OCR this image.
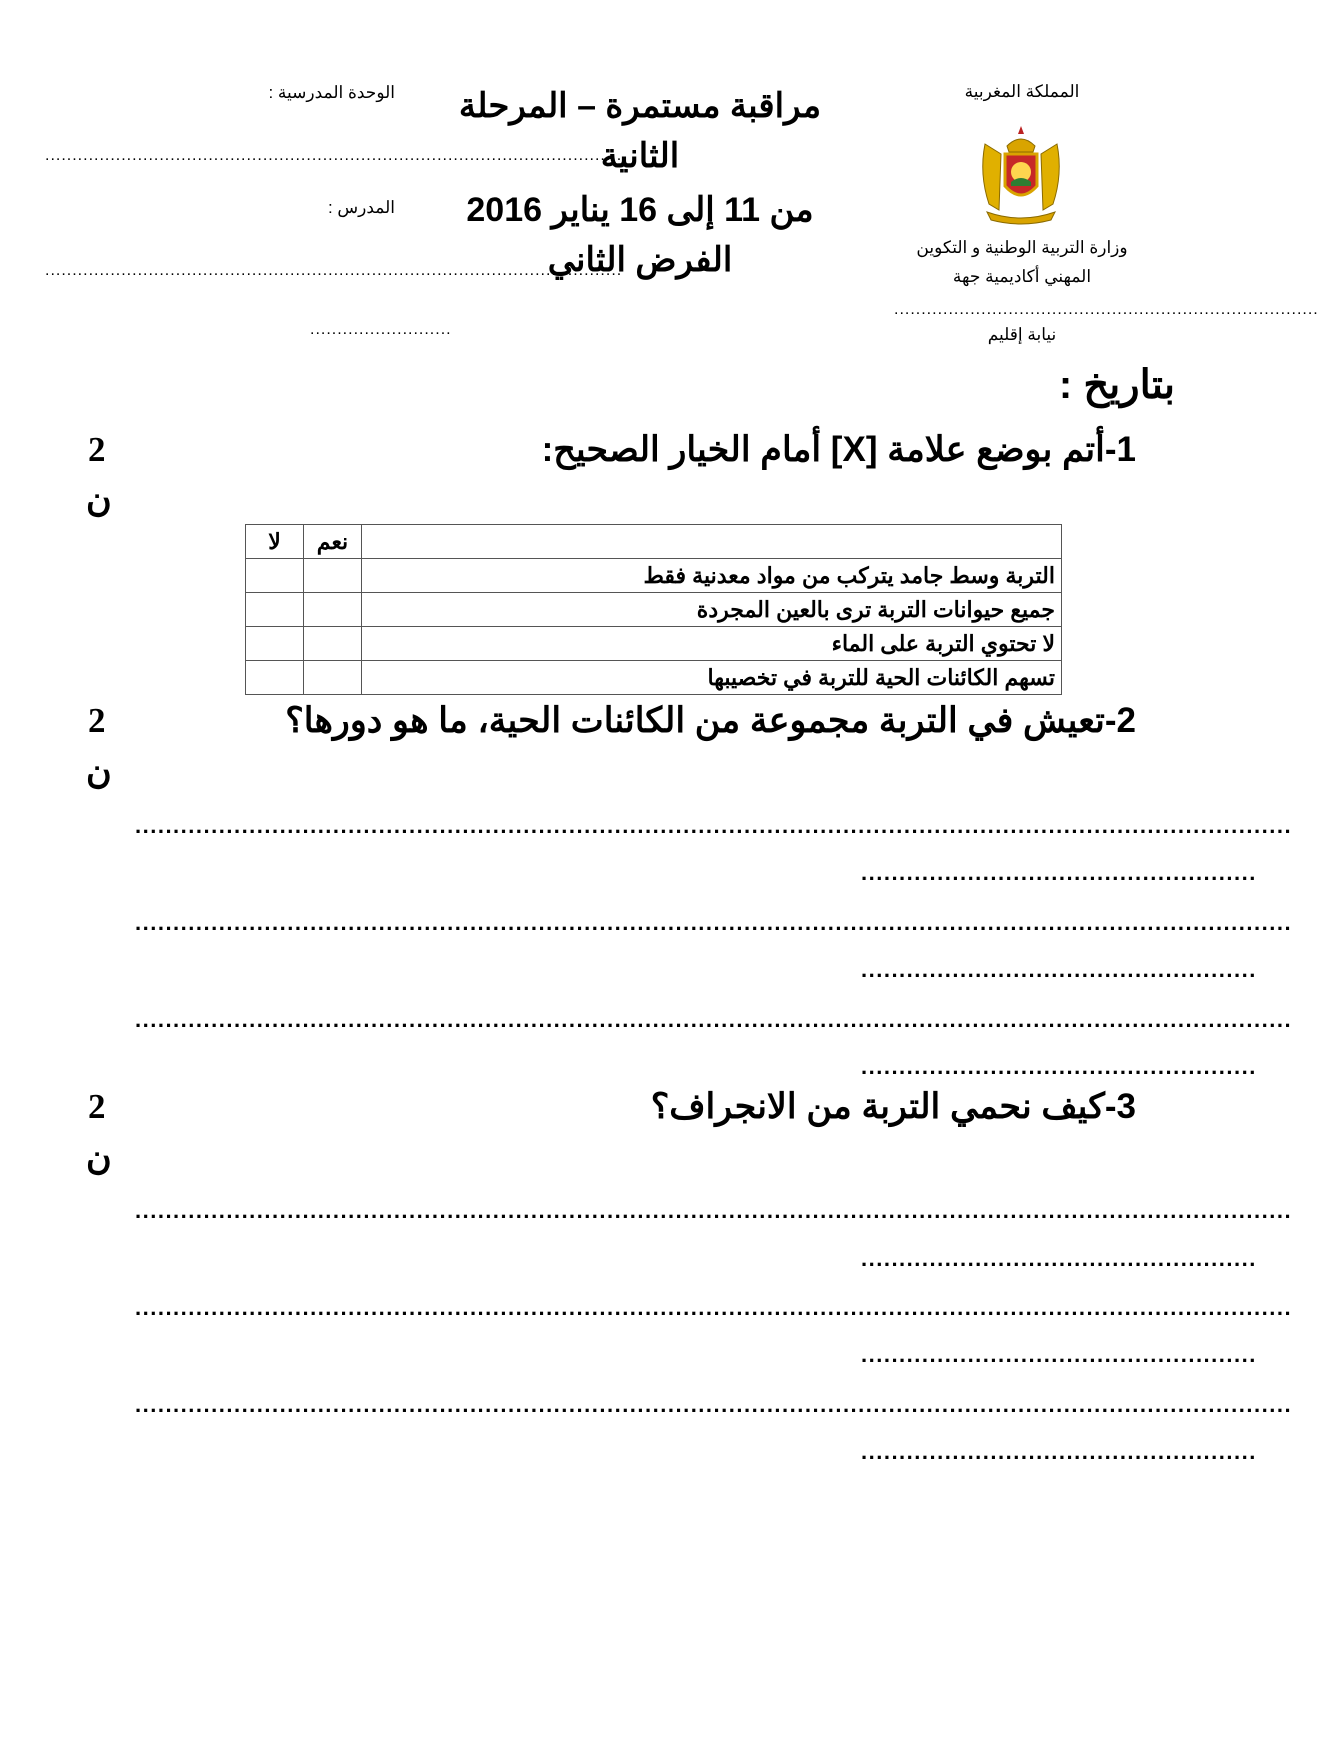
المملكة المغربية
وزارة التربية الوطنية و التكوين
المهني أكاديمية جهة
..............................................................................
نيابة إقليم
مراقبة مستمرة – المرحلة
الثانية
من 11 إلى 16 يناير 2016
الفرض الثاني
الوحدة المدرسية :
..........................................................................................................
المدرس :
..........................................................................................................
..........................
بتاريخ :
1-أتم بوضع علامة [X] أمام الخيار الصحيح:
2
ن
لا	نعم	
		التربة وسط جامد يتركب من مواد معدنية فقط
		جميع حيوانات التربة ترى بالعين المجردة
		لا تحتوي التربة على الماء
		تسهم الكائنات الحية للتربة في تخصيبها
2-تعيش في التربة مجموعة من الكائنات الحية، ما هو دورها؟
2
ن
........................................................................................................................................................
....................................................
........................................................................................................................................................
....................................................
........................................................................................................................................................
....................................................
3-كيف نحمي التربة من الانجراف؟
2
ن
........................................................................................................................................................
....................................................
........................................................................................................................................................
....................................................
........................................................................................................................................................
....................................................
